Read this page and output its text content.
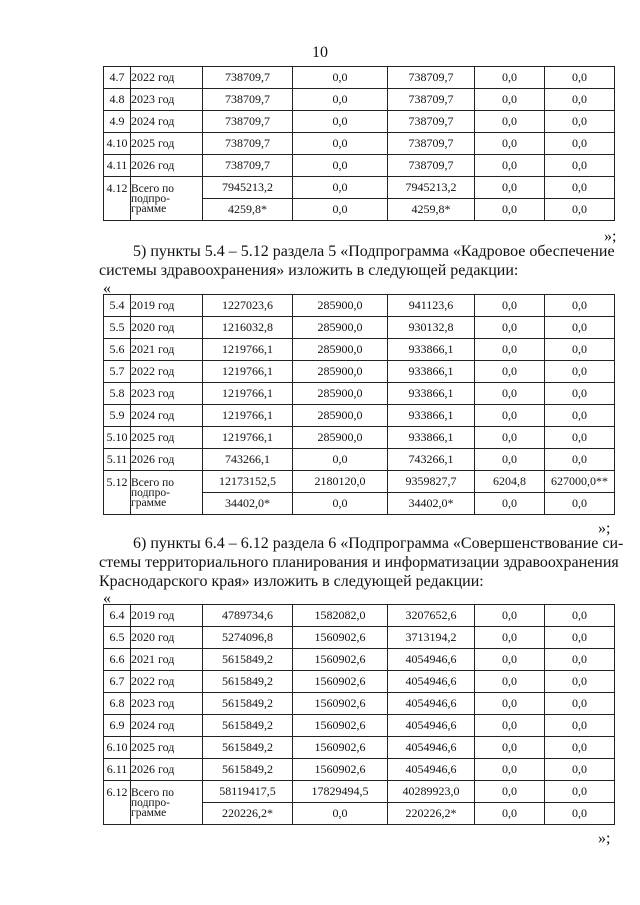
10
4.7	2022 год	738709,7	0,0	738709,7	0,0	0,0
4.8	2023 год	738709,7	0,0	738709,7	0,0	0,0
4.9	2024 год	738709,7	0,0	738709,7	0,0	0,0
4.10	2025 год	738709,7	0,0	738709,7	0,0	0,0
4.11	2026 год	738709,7	0,0	738709,7	0,0	0,0
4.12	Всего по
подпро-
грамме	7945213,2	0,0	7945213,2	0,0	0,0
		4259,8*	0,0	4259,8*	0,0	0,0
»;
5) пункты 5.4 – 5.12 раздела 5 «Подпрограмма «Кадровое обеспечение
системы здравоохранения» изложить в следующей редакции:
«
5.4	2019 год	1227023,6	285900,0	941123,6	0,0	0,0
5.5	2020 год	1216032,8	285900,0	930132,8	0,0	0,0
5.6	2021 год	1219766,1	285900,0	933866,1	0,0	0,0
5.7	2022 год	1219766,1	285900,0	933866,1	0,0	0,0
5.8	2023 год	1219766,1	285900,0	933866,1	0,0	0,0
5.9	2024 год	1219766,1	285900,0	933866,1	0,0	0,0
5.10	2025 год	1219766,1	285900,0	933866,1	0,0	0,0
5.11	2026 год	743266,1	0,0	743266,1	0,0	0,0
5.12	Всего по
подпро-
грамме	12173152,5	2180120,0	9359827,7	6204,8	627000,0**
		34402,0*	0,0	34402,0*	0,0	0,0
»;
6) пункты 6.4 – 6.12 раздела 6 «Подпрограмма «Совершенствование си-
стемы территориального планирования и информатизации здравоохранения
Краснодарского края» изложить в следующей редакции:
«
6.4	2019 год	4789734,6	1582082,0	3207652,6	0,0	0,0
6.5	2020 год	5274096,8	1560902,6	3713194,2	0,0	0,0
6.6	2021 год	5615849,2	1560902,6	4054946,6	0,0	0,0
6.7	2022 год	5615849,2	1560902,6	4054946,6	0,0	0,0
6.8	2023 год	5615849,2	1560902,6	4054946,6	0,0	0,0
6.9	2024 год	5615849,2	1560902,6	4054946,6	0,0	0,0
6.10	2025 год	5615849,2	1560902,6	4054946,6	0,0	0,0
6.11	2026 год	5615849,2	1560902,6	4054946,6	0,0	0,0
6.12	Всего по
подпро-
грамме	58119417,5	17829494,5	40289923,0	0,0	0,0
		220226,2*	0,0	220226,2*	0,0	0,0
»;
